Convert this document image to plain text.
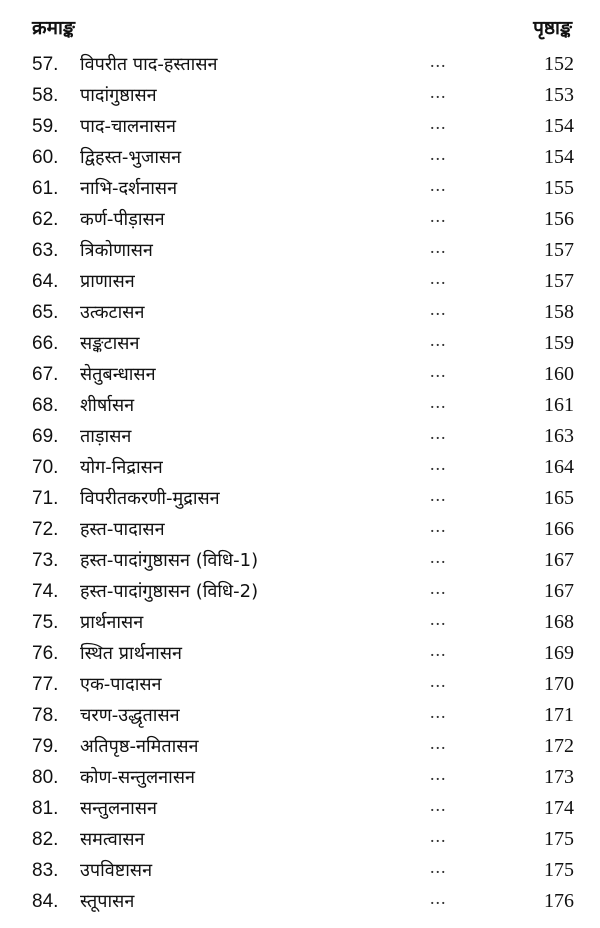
क्रमाङ्क	पृष्ठाङ्क
57. विपरीत पाद-हस्तासन	...	152
58. पादांगुष्ठासन	...	153
59. पाद-चालनासन	...	154
60. द्विहस्त-भुजासन	...	154
61. नाभि-दर्शनासन	...	155
62. कर्ण-पीड़ासन	...	156
63. त्रिकोणासन	...	157
64. प्राणासन	...	157
65. उत्कटासन	...	158
66. सङ्कटासन	...	159
67. सेतुबन्धासन	...	160
68. शीर्षासन	...	161
69. ताड़ासन	...	163
70. योग-निद्रासन	...	164
71. विपरीतकरणी-मुद्रासन	...	165
72. हस्त-पादासन	...	166
73. हस्त-पादांगुष्ठासन (विधि-1)	...	167
74. हस्त-पादांगुष्ठासन (विधि-2)	...	167
75. प्रार्थनासन	...	168
76. स्थित प्रार्थनासन	...	169
77. एक-पादासन	...	170
78. चरण-उद्धृतासन	...	171
79. अतिपृष्ठ-नमितासन	...	172
80. कोण-सन्तुलनासन	...	173
81. सन्तुलनासन	...	174
82. समत्वासन	...	175
83. उपविष्टासन	...	175
84. स्तूपासन	...	176
